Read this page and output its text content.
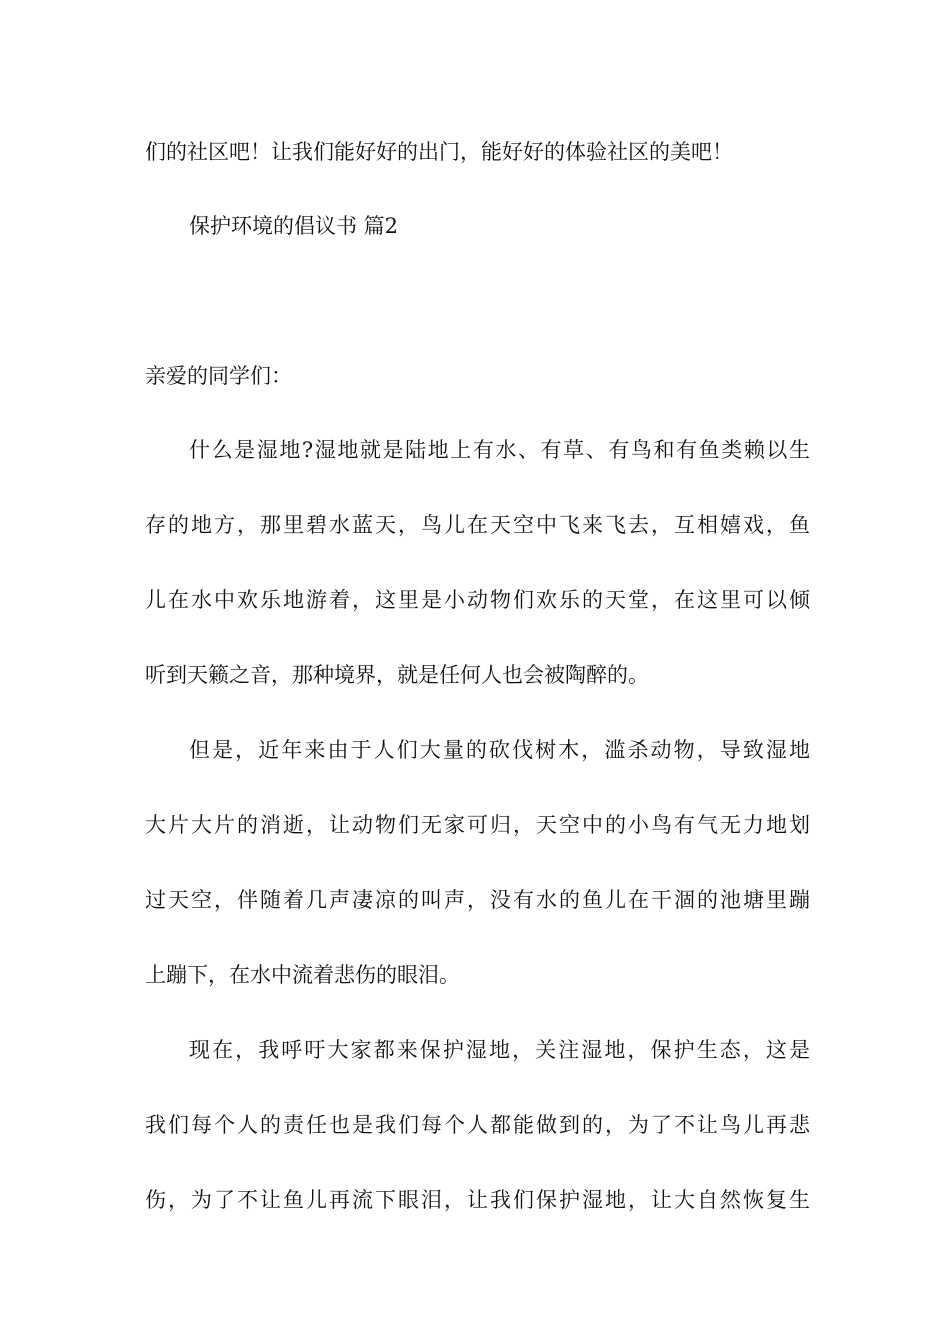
们的社区吧！让我们能好好的出门，能好好的体验社区的美吧！
保护环境的倡议书 篇2
亲爱的同学们：
什么是湿地?湿地就是陆地上有水、有草、有鸟和有鱼类赖以生
存的地方，那里碧水蓝天，鸟儿在天空中飞来飞去，互相嬉戏，鱼
儿在水中欢乐地游着，这里是小动物们欢乐的天堂，在这里可以倾
听到天籁之音，那种境界，就是任何人也会被陶醉的。
但是，近年来由于人们大量的砍伐树木，滥杀动物，导致湿地
大片大片的消逝，让动物们无家可归，天空中的小鸟有气无力地划
过天空，伴随着几声凄凉的叫声，没有水的鱼儿在干涸的池塘里蹦
上蹦下，在水中流着悲伤的眼泪。
现在，我呼吁大家都来保护湿地，关注湿地，保护生态，这是
我们每个人的责任也是我们每个人都能做到的，为了不让鸟儿再悲
伤，为了不让鱼儿再流下眼泪，让我们保护湿地，让大自然恢复生
